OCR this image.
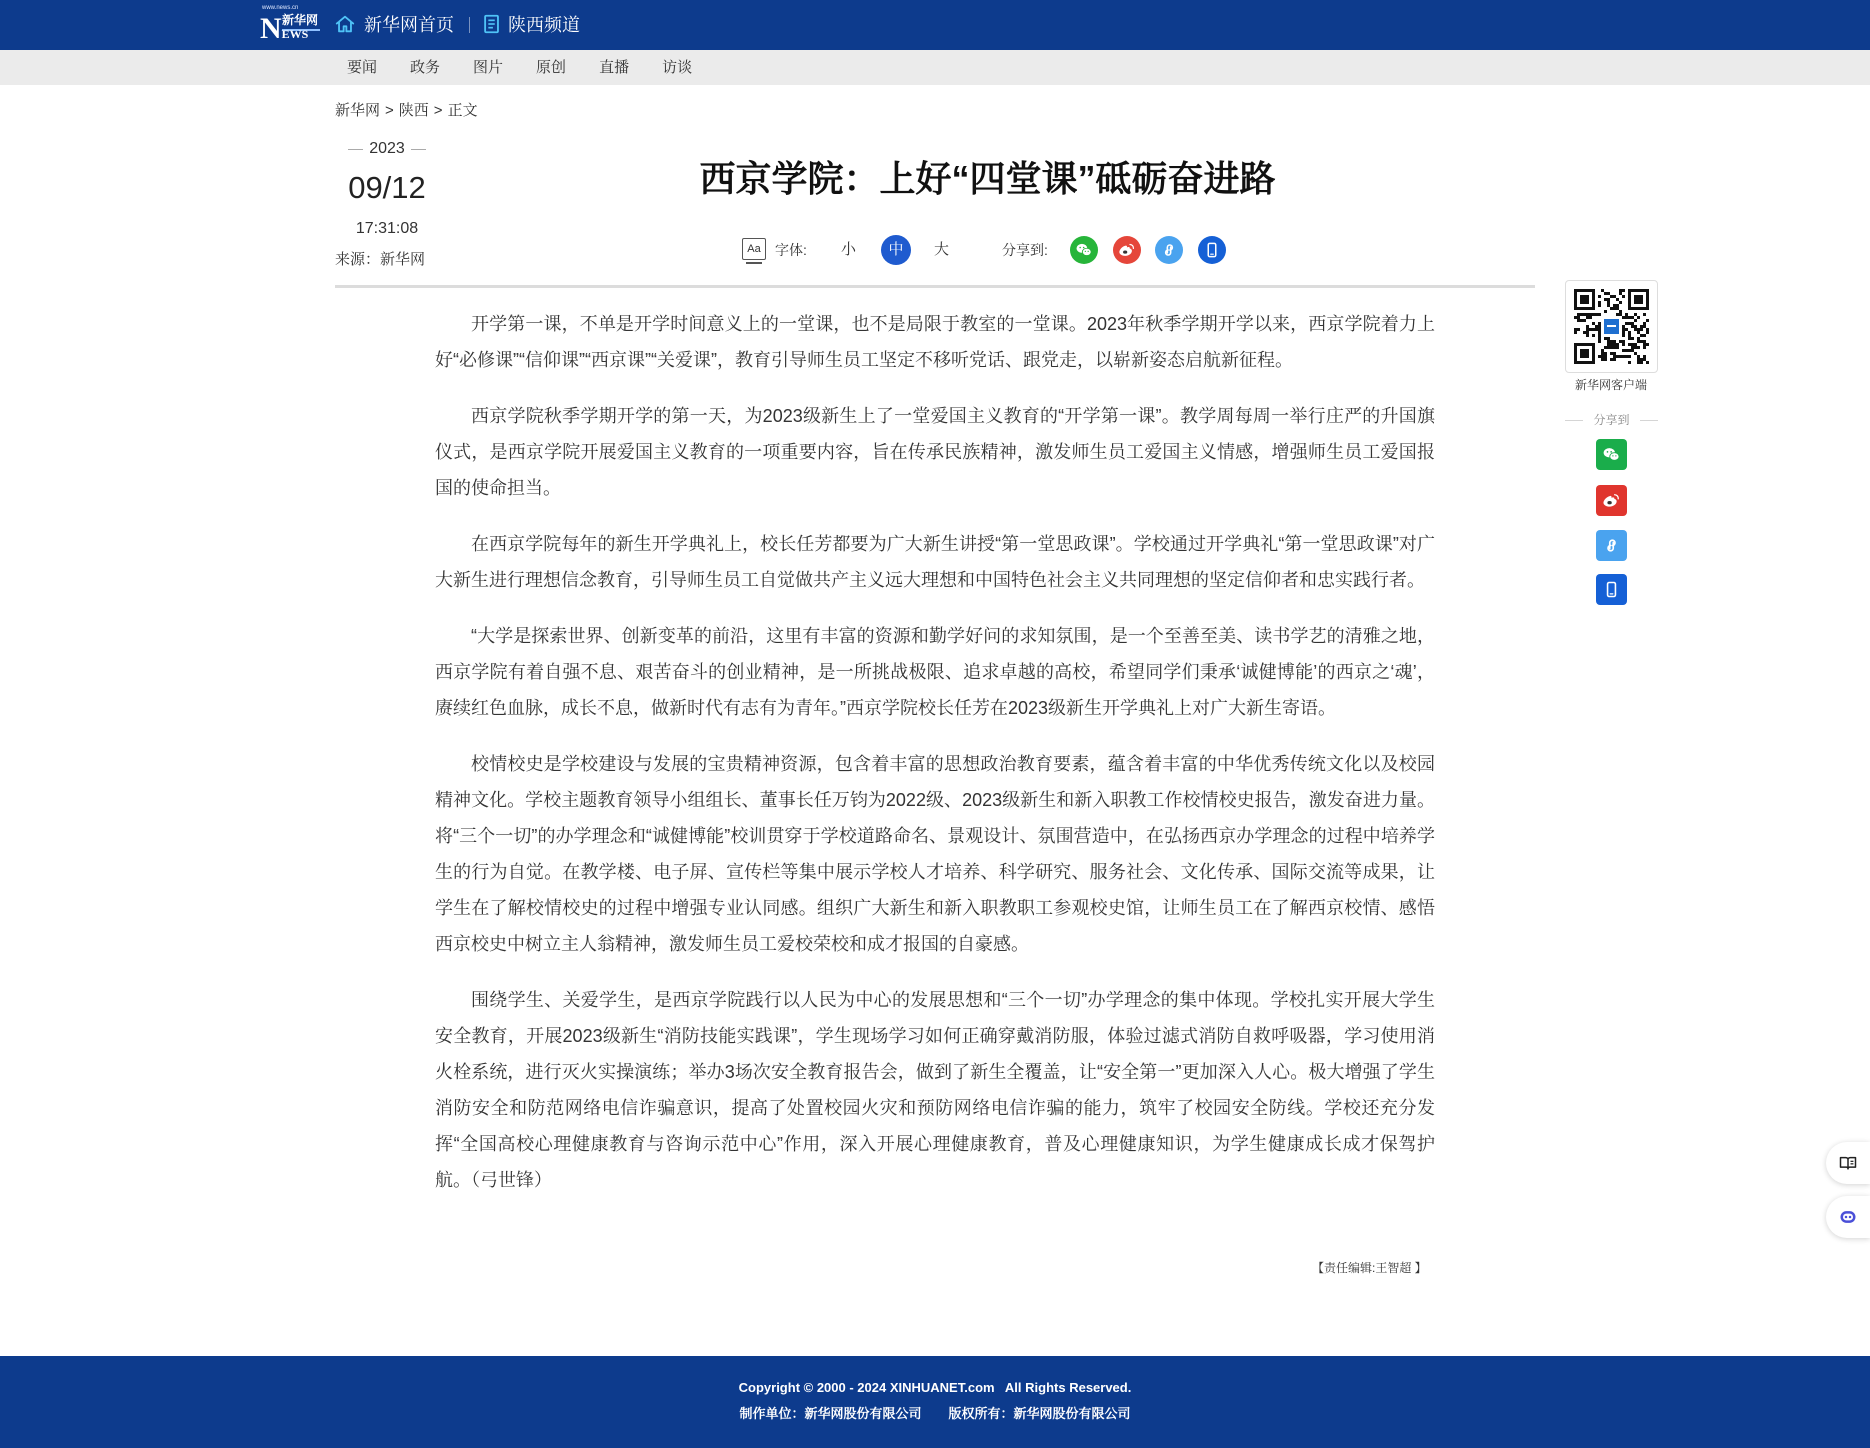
www.news.cn
新华网
NEWS	新华网首页	陕西频道
要闻 政务 图片 原创 直播 访谈
新华网 > 陕西 > 正文
2023
09/12
17:31:08
来源：新华网
西京学院：上好“四堂课”砥砺奋进路
Aa	字体: 小	中	大	分享到:

开学第一课，不单是开学时间意义上的一堂课，也不是局限于教室的一堂课。2023年秋季学期开学以来，西京学院着力上好“必修课”“信仰课”“西京课”“关爱课”，教育引导师生员工坚定不移听党话、跟党走，以崭新姿态启航新征程。

西京学院秋季学期开学的第一天，为2023级新生上了一堂爱国主义教育的“开学第一课”。教学周每周一举行庄严的升国旗仪式，是西京学院开展爱国主义教育的一项重要内容，旨在传承民族精神，激发师生员工爱国主义情感，增强师生员工爱国报国的使命担当。

在西京学院每年的新生开学典礼上，校长任芳都要为广大新生讲授“第一堂思政课”。学校通过开学典礼“第一堂思政课”对广大新生进行理想信念教育，引导师生员工自觉做共产主义远大理想和中国特色社会主义共同理想的坚定信仰者和忠实践行者。

“大学是探索世界、创新变革的前沿，这里有丰富的资源和勤学好问的求知氛围，是一个至善至美、读书学艺的清雅之地，西京学院有着自强不息、艰苦奋斗的创业精神，是一所挑战极限、追求卓越的高校，希望同学们秉承‘诚健博能’的西京之‘魂’，赓续红色血脉，成长不息，做新时代有志有为青年。”西京学院校长任芳在2023级新生开学典礼上对广大新生寄语。

校情校史是学校建设与发展的宝贵精神资源，包含着丰富的思想政治教育要素，蕴含着丰富的中华优秀传统文化以及校园精神文化。学校主题教育领导小组组长、董事长任万钧为2022级、2023级新生和新入职教工作校情校史报告，激发奋进力量。将“三个一切”的办学理念和“诚健博能”校训贯穿于学校道路命名、景观设计、氛围营造中，在弘扬西京办学理念的过程中培养学生的行为自觉。在教学楼、电子屏、宣传栏等集中展示学校人才培养、科学研究、服务社会、文化传承、国际交流等成果，让学生在了解校情校史的过程中增强专业认同感。组织广大新生和新入职教职工参观校史馆，让师生员工在了解西京校情、感悟西京校史中树立主人翁精神，激发师生员工爱校荣校和成才报国的自豪感。

围绕学生、关爱学生，是西京学院践行以人民为中心的发展思想和“三个一切”办学理念的集中体现。学校扎实开展大学生安全教育，开展2023级新生“消防技能实践课”，学生现场学习如何正确穿戴消防服，体验过滤式消防自救呼吸器，学习使用消火栓系统，进行灭火实操演练；举办3场次安全教育报告会，做到了新生全覆盖，让“安全第一”更加深入人心。极大增强了学生消防安全和防范网络电信诈骗意识，提高了处置校园火灾和预防网络电信诈骗的能力，筑牢了校园安全防线。学校还充分发挥“全国高校心理健康教育与咨询示范中心”作用，深入开展心理健康教育，普及心理健康知识，为学生健康成长成才保驾护航。（弓世锋）

【责任编辑:王智超 】
新华网客户端
分享到
Copyright © 2000 - 2024 XINHUANET.com   All Rights Reserved.
制作单位：新华网股份有限公司 版权所有：新华网股份有限公司
